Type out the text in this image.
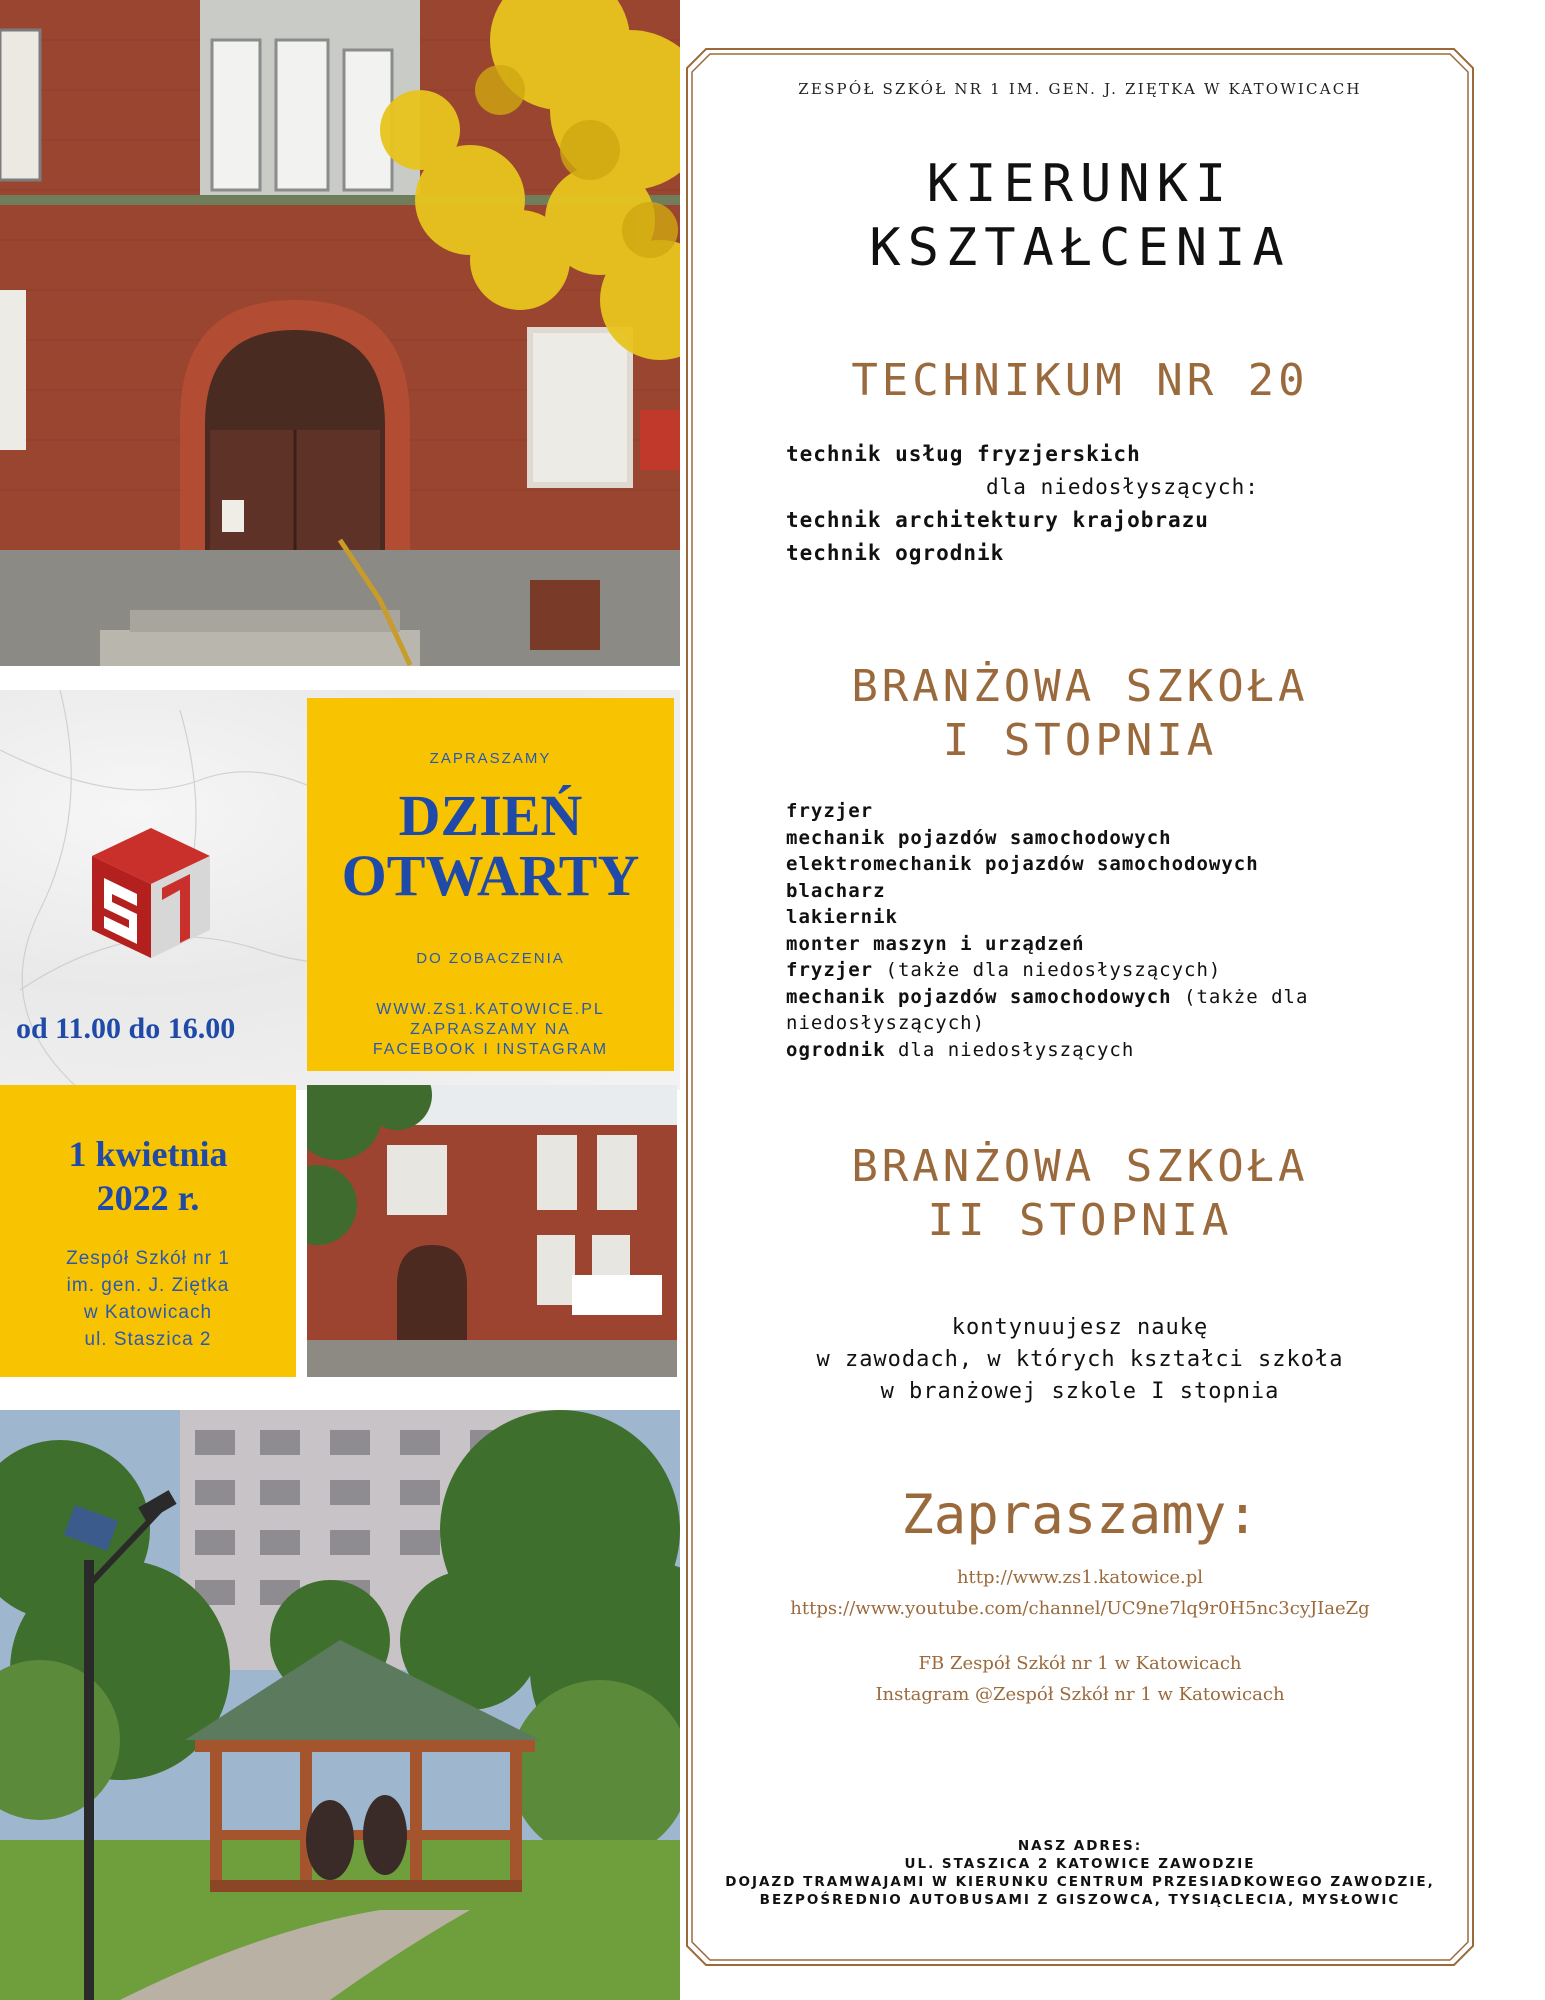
od 11.00 do 16.00
ZAPRASZAMY
DZIEŃ
OTWARTY
DO ZOBACZENIA
WWW.ZS1.KATOWICE.PL
ZAPRASZAMY NA
FACEBOOK I INSTAGRAM
1 kwietnia
2022 r.
Zespół Szkół nr 1
im. gen. J. Ziętka
w Katowicach
ul. Staszica 2
ZESPÓŁ SZKÓŁ NR 1 IM. GEN. J. ZIĘTKA W KATOWICACH
KIERUNKI
KSZTAŁCENIA
TECHNIKUM NR 20
technik usług fryzjerskich
dla niedosłyszących:
technik architektury krajobrazu
technik ogrodnik
BRANŻOWA SZKOŁA
I STOPNIA
fryzjer
mechanik pojazdów samochodowych
elektromechanik pojazdów samochodowych
blacharz
lakiernik
monter maszyn i urządzeń
fryzjer (także dla niedosłyszących)
mechanik pojazdów samochodowych (także dla
niedosłyszących)
ogrodnik dla niedosłyszących
BRANŻOWA SZKOŁA
II STOPNIA
kontynuujesz naukę
w zawodach, w których kształci szkoła
w branżowej szkole I stopnia
Zapraszamy:
http://www.zs1.katowice.pl
https://www.youtube.com/channel/UC9ne7lq9r0H5nc3cyJIaeZg
FB Zespół Szkół nr 1 w Katowicach
Instagram @Zespół Szkół nr 1 w Katowicach
NASZ ADRES:
UL. STASZICA 2 KATOWICE ZAWODZIE
DOJAZD TRAMWAJAMI W KIERUNKU CENTRUM PRZESIADKOWEGO ZAWODZIE,
BEZPOŚREDNIO AUTOBUSAMI Z GISZOWCA, TYSIĄCLECIA, MYSŁOWIC
